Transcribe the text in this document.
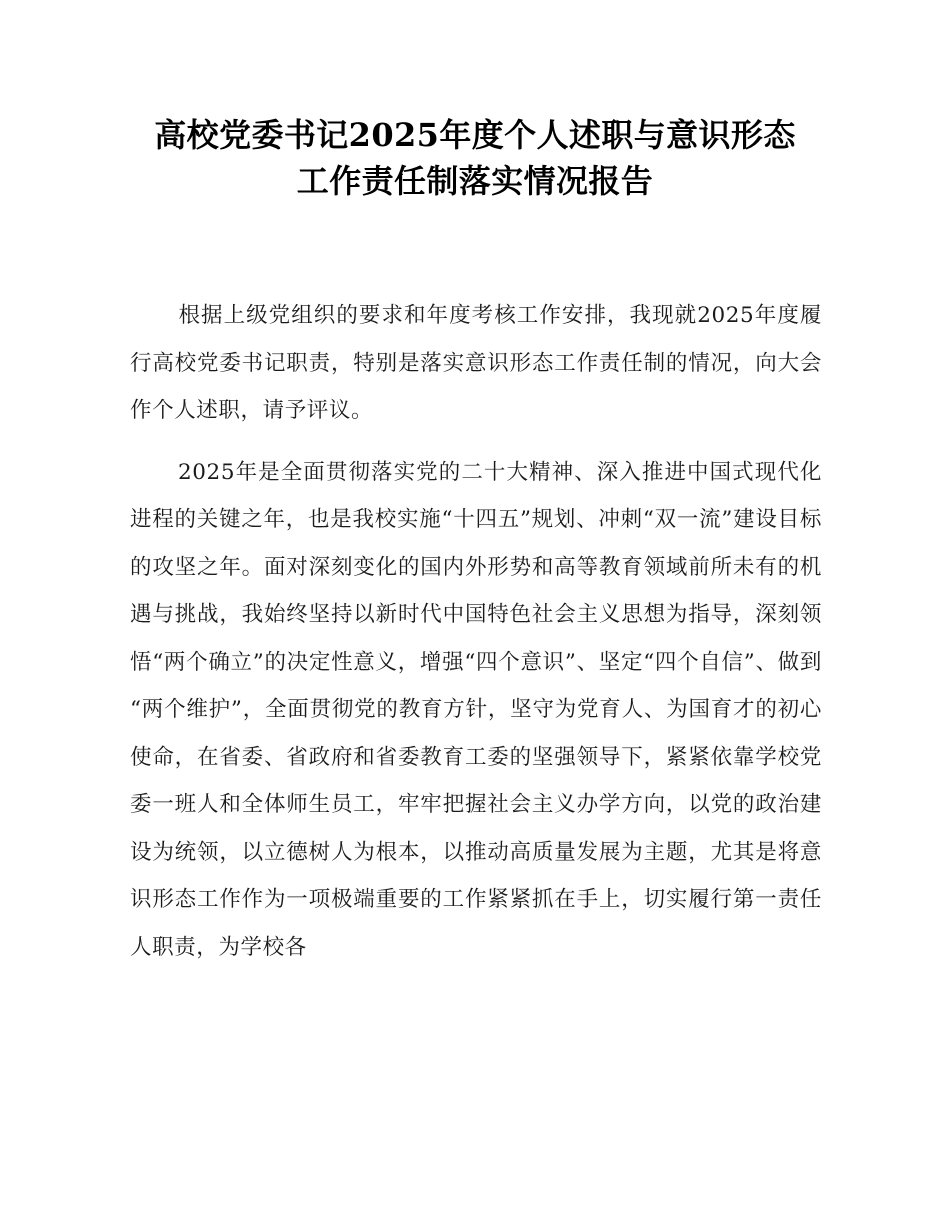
高校党委书记2025年度个人述职与意识形态
工作责任制落实情况报告

根据上级党组织的要求和年度考核工作安排，我现就2025年度履行高校党委书记职责，特别是落实意识形态工作责任制的情况，向大会作个人述职，请予评议。

2025年是全面贯彻落实党的二十大精神、深入推进中国式现代化进程的关键之年，也是我校实施“十四五”规划、冲刺“双一流”建设目标的攻坚之年。面对深刻变化的国内外形势和高等教育领域前所未有的机遇与挑战，我始终坚持以新时代中国特色社会主义思想为指导，深刻领悟“两个确立”的决定性意义，增强“四个意识”、坚定“四个自信”、做到“两个维护”，全面贯彻党的教育方针，坚守为党育人、为国育才的初心使命，在省委、省政府和省委教育工委的坚强领导下，紧紧依靠学校党委一班人和全体师生员工，牢牢把握社会主义办学方向，以党的政治建设为统领，以立德树人为根本，以推动高质量发展为主题，尤其是将意识形态工作作为一项极端重要的工作紧紧抓在手上，切实履行第一责任人职责，为学校各
